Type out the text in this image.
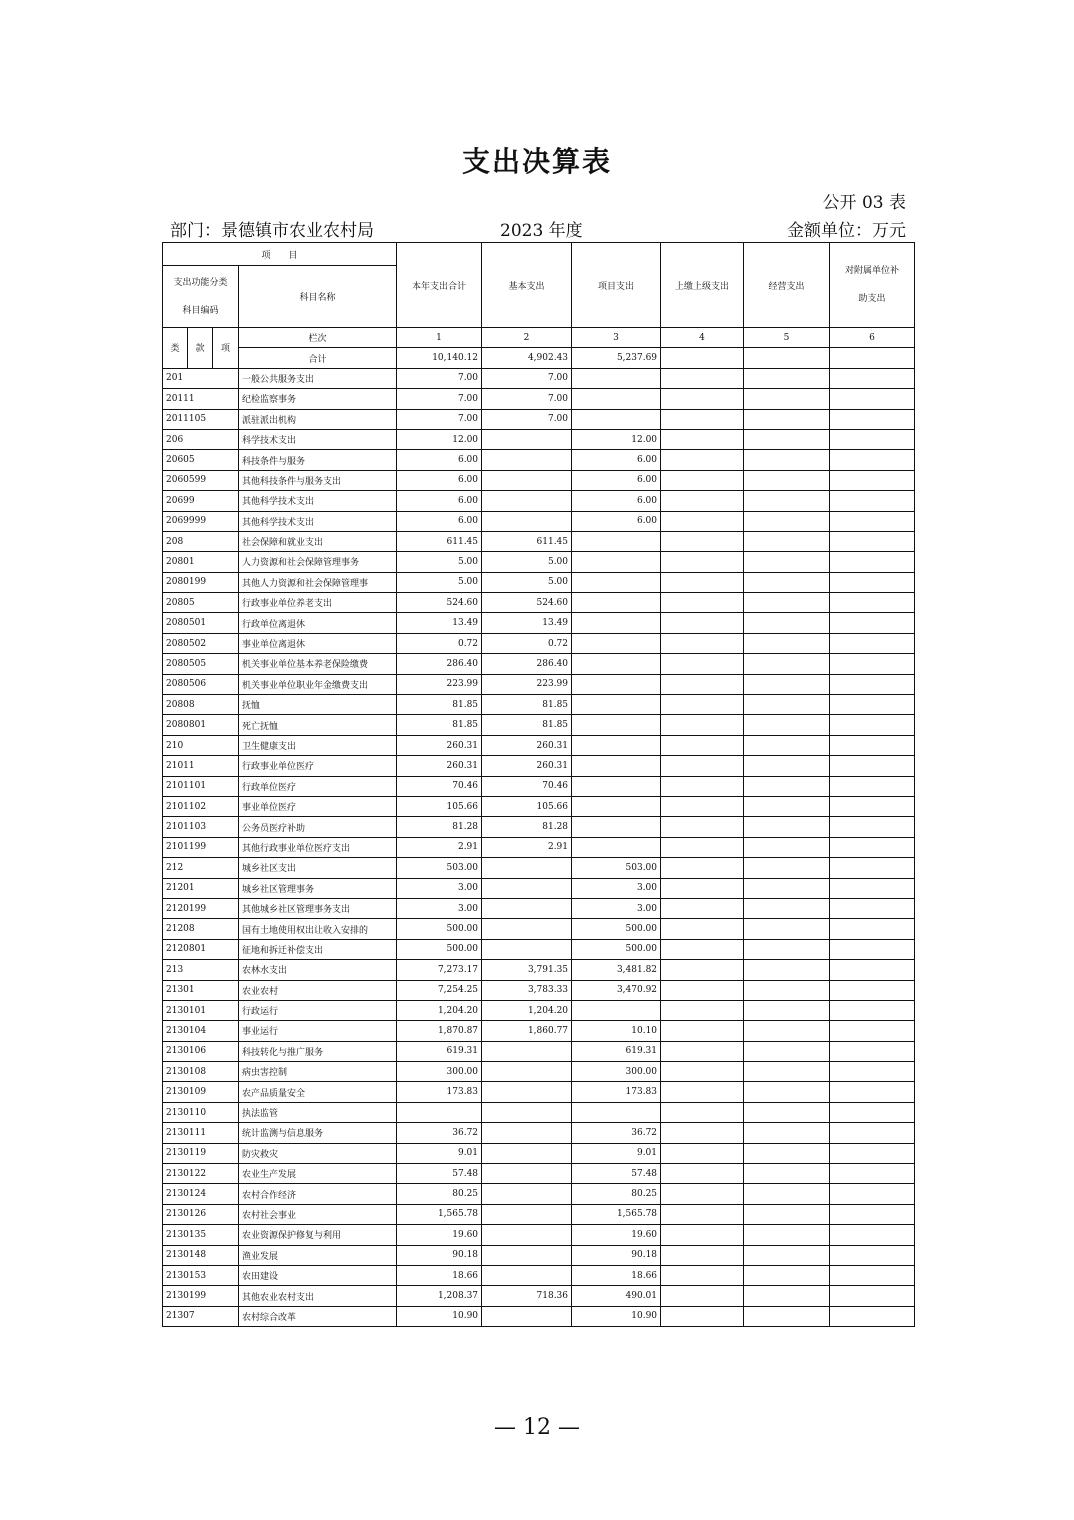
支出决算表
公开 03 表
部门：景德镇市农业农村局	2023 年度	金额单位：万元
项　　目				本年支出合计	基本支出	项目支出	上缴上级支出	经营支出	对附属单位补
助支出

支出功能分类
科目编码			科目名称						
类	款	项	栏次	1	2	3	4	5	6
			合计	10,140.12	4,902.43	5,237.69			
201			一般公共服务支出	7.00	7.00				
20111			纪检监察事务	7.00	7.00				
2011105			派驻派出机构	7.00	7.00				
206			科学技术支出	12.00		12.00			
20605			科技条件与服务	6.00		6.00			
2060599			其他科技条件与服务支出	6.00		6.00			
20699			其他科学技术支出	6.00		6.00			
2069999			其他科学技术支出	6.00		6.00			
208			社会保障和就业支出	611.45	611.45				
20801			人力资源和社会保障管理事务	5.00	5.00				
2080199			其他人力资源和社会保障管理事	5.00	5.00				
20805			行政事业单位养老支出	524.60	524.60				
2080501			行政单位离退休	13.49	13.49				
2080502			事业单位离退休	0.72	0.72				
2080505			机关事业单位基本养老保险缴费	286.40	286.40				
2080506			机关事业单位职业年金缴费支出	223.99	223.99				
20808			抚恤	81.85	81.85				
2080801			死亡抚恤	81.85	81.85				
210			卫生健康支出	260.31	260.31				
21011			行政事业单位医疗	260.31	260.31				
2101101			行政单位医疗	70.46	70.46				
2101102			事业单位医疗	105.66	105.66				
2101103			公务员医疗补助	81.28	81.28				
2101199			其他行政事业单位医疗支出	2.91	2.91				
212			城乡社区支出	503.00		503.00			
21201			城乡社区管理事务	3.00		3.00			
2120199			其他城乡社区管理事务支出	3.00		3.00			
21208			国有土地使用权出让收入安排的	500.00		500.00			
2120801			征地和拆迁补偿支出	500.00		500.00			
213			农林水支出	7,273.17	3,791.35	3,481.82			
21301			农业农村	7,254.25	3,783.33	3,470.92			
2130101			行政运行	1,204.20	1,204.20				
2130104			事业运行	1,870.87	1,860.77	10.10			
2130106			科技转化与推广服务	619.31		619.31			
2130108			病虫害控制	300.00		300.00			
2130109			农产品质量安全	173.83		173.83			
2130110			执法监管						
2130111			统计监测与信息服务	36.72		36.72			
2130119			防灾救灾	9.01		9.01			
2130122			农业生产发展	57.48		57.48			
2130124			农村合作经济	80.25		80.25			
2130126			农村社会事业	1,565.78		1,565.78			
2130135			农业资源保护修复与利用	19.60		19.60			
2130148			渔业发展	90.18		90.18			
2130153			农田建设	18.66		18.66			
2130199			其他农业农村支出	1,208.37	718.36	490.01			
21307			农村综合改革	10.90		10.90			
— 12 —
